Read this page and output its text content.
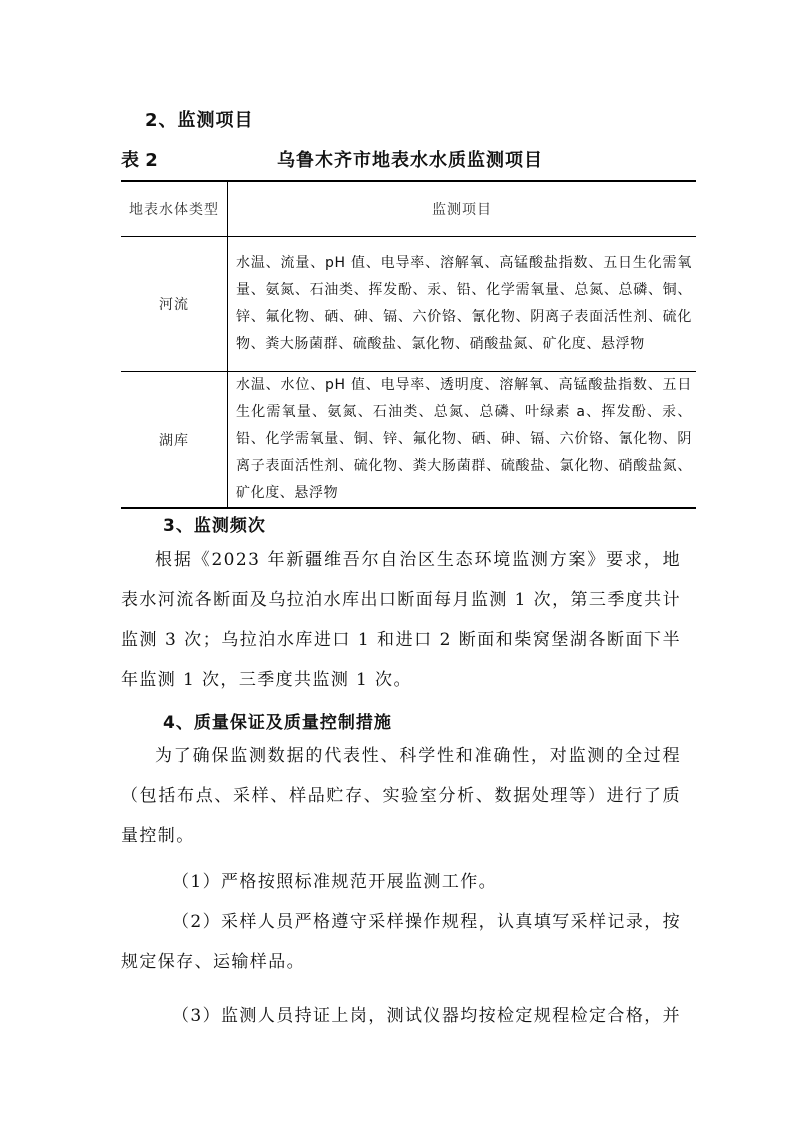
2、监测项目
表 2	乌鲁木齐市地表水水质监测项目
地表水体类型	监测项目
河流	水温、流量、pH 值、电导率、溶解氧、高锰酸盐指数、五日生化需氧量、氨氮、石油类、挥发酚、汞、铅、化学需氧量、总氮、总磷、铜、锌、氟化物、硒、砷、镉、六价铬、氰化物、阴离子表面活性剂、硫化物、粪大肠菌群、硫酸盐、氯化物、硝酸盐氮、矿化度、悬浮物
湖库	水温、水位、pH 值、电导率、透明度、溶解氧、高锰酸盐指数、五日生化需氧量、氨氮、石油类、总氮、总磷、叶绿素 a、挥发酚、汞、铅、化学需氧量、铜、锌、氟化物、硒、砷、镉、六价铬、氰化物、阴离子表面活性剂、硫化物、粪大肠菌群、硫酸盐、氯化物、硝酸盐氮、矿化度、悬浮物
3、监测频次
根据《2023 年新疆维吾尔自治区生态环境监测方案》要求，地表水河流各断面及乌拉泊水库出口断面每月监测 1 次，第三季度共计监测 3 次；乌拉泊水库进口 1 和进口 2 断面和柴窝堡湖各断面下半年监测 1 次，三季度共监测 1 次。
4、质量保证及质量控制措施
为了确保监测数据的代表性、科学性和准确性，对监测的全过程（包括布点、采样、样品贮存、实验室分析、数据处理等）进行了质量控制。
（1）严格按照标准规范开展监测工作。
（2）采样人员严格遵守采样操作规程，认真填写采样记录，按规定保存、运输样品。
（3）监测人员持证上岗，测试仪器均按检定规程检定合格，并
